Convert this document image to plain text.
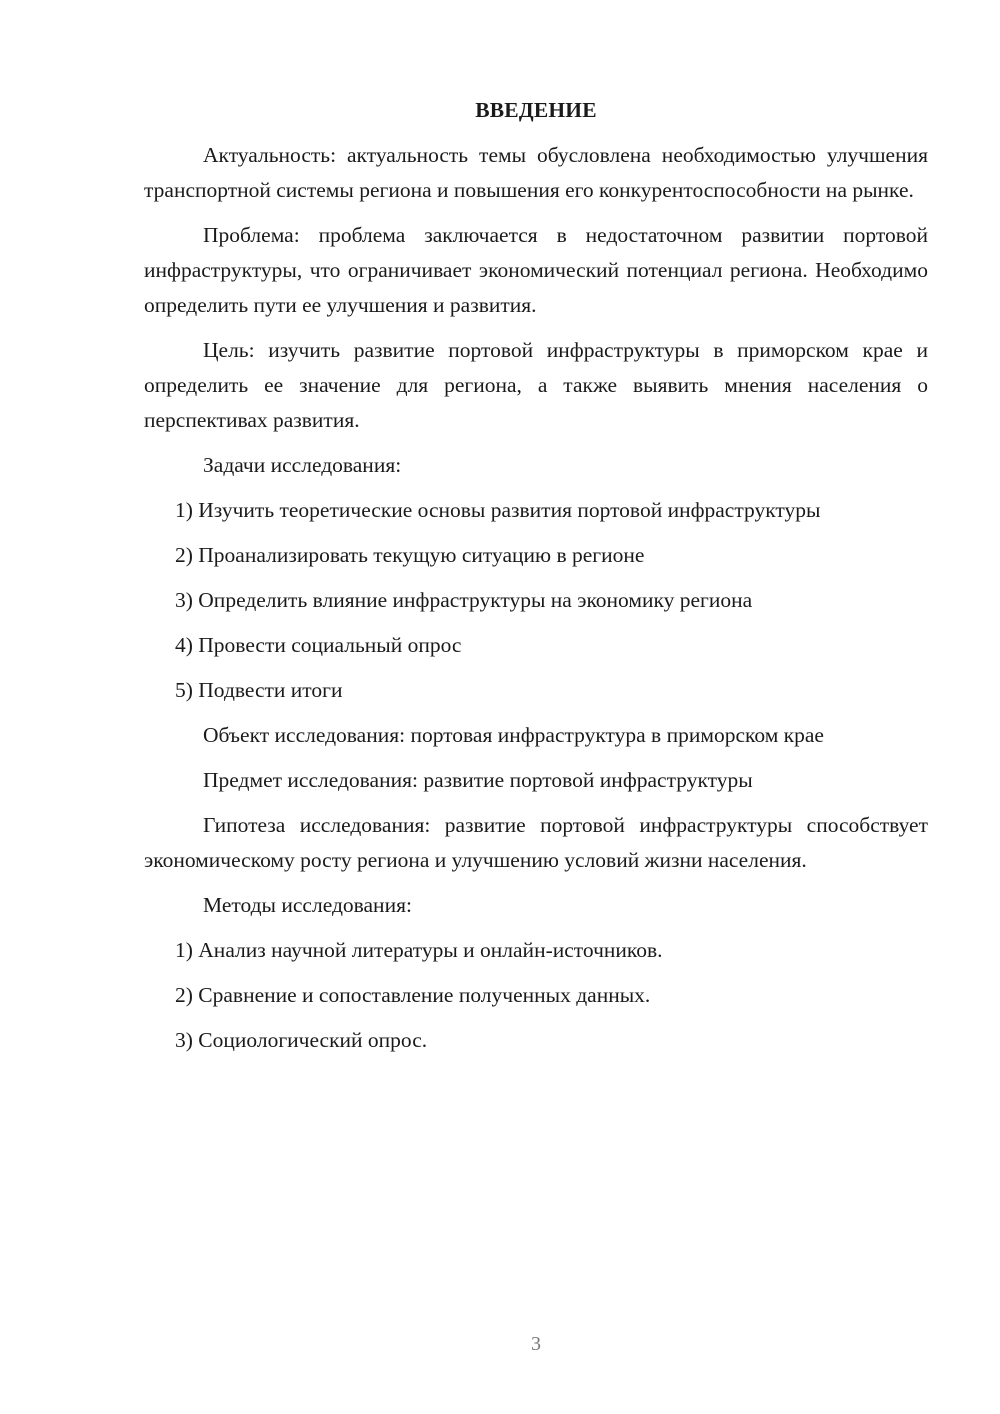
ВВЕДЕНИЕ

Актуальность: актуальность темы обусловлена необходимостью улучшения транспортной системы региона и повышения его конкурентоспособности на рынке.

Проблема: проблема заключается в недостаточном развитии портовой инфраструктуры, что ограничивает экономический потенциал региона. Необходимо определить пути ее улучшения и развития.

Цель: изучить развитие портовой инфраструктуры в приморском крае и определить ее значение для региона, а также выявить мнения населения о перспективах развития.

Задачи исследования:

1) Изучить теоретические основы развития портовой инфраструктуры
2) Проанализировать текущую ситуацию в регионе
3) Определить влияние инфраструктуры на экономику региона
4) Провести социальный опрос
5) Подвести итоги

Объект исследования: портовая инфраструктура в приморском крае

Предмет исследования: развитие портовой инфраструктуры

Гипотеза исследования: развитие портовой инфраструктуры способствует экономическому росту региона и улучшению условий жизни населения.

Методы исследования:

1) Анализ научной литературы и онлайн-источников.
2) Сравнение и сопоставление полученных данных.
3) Социологический опрос.
3
